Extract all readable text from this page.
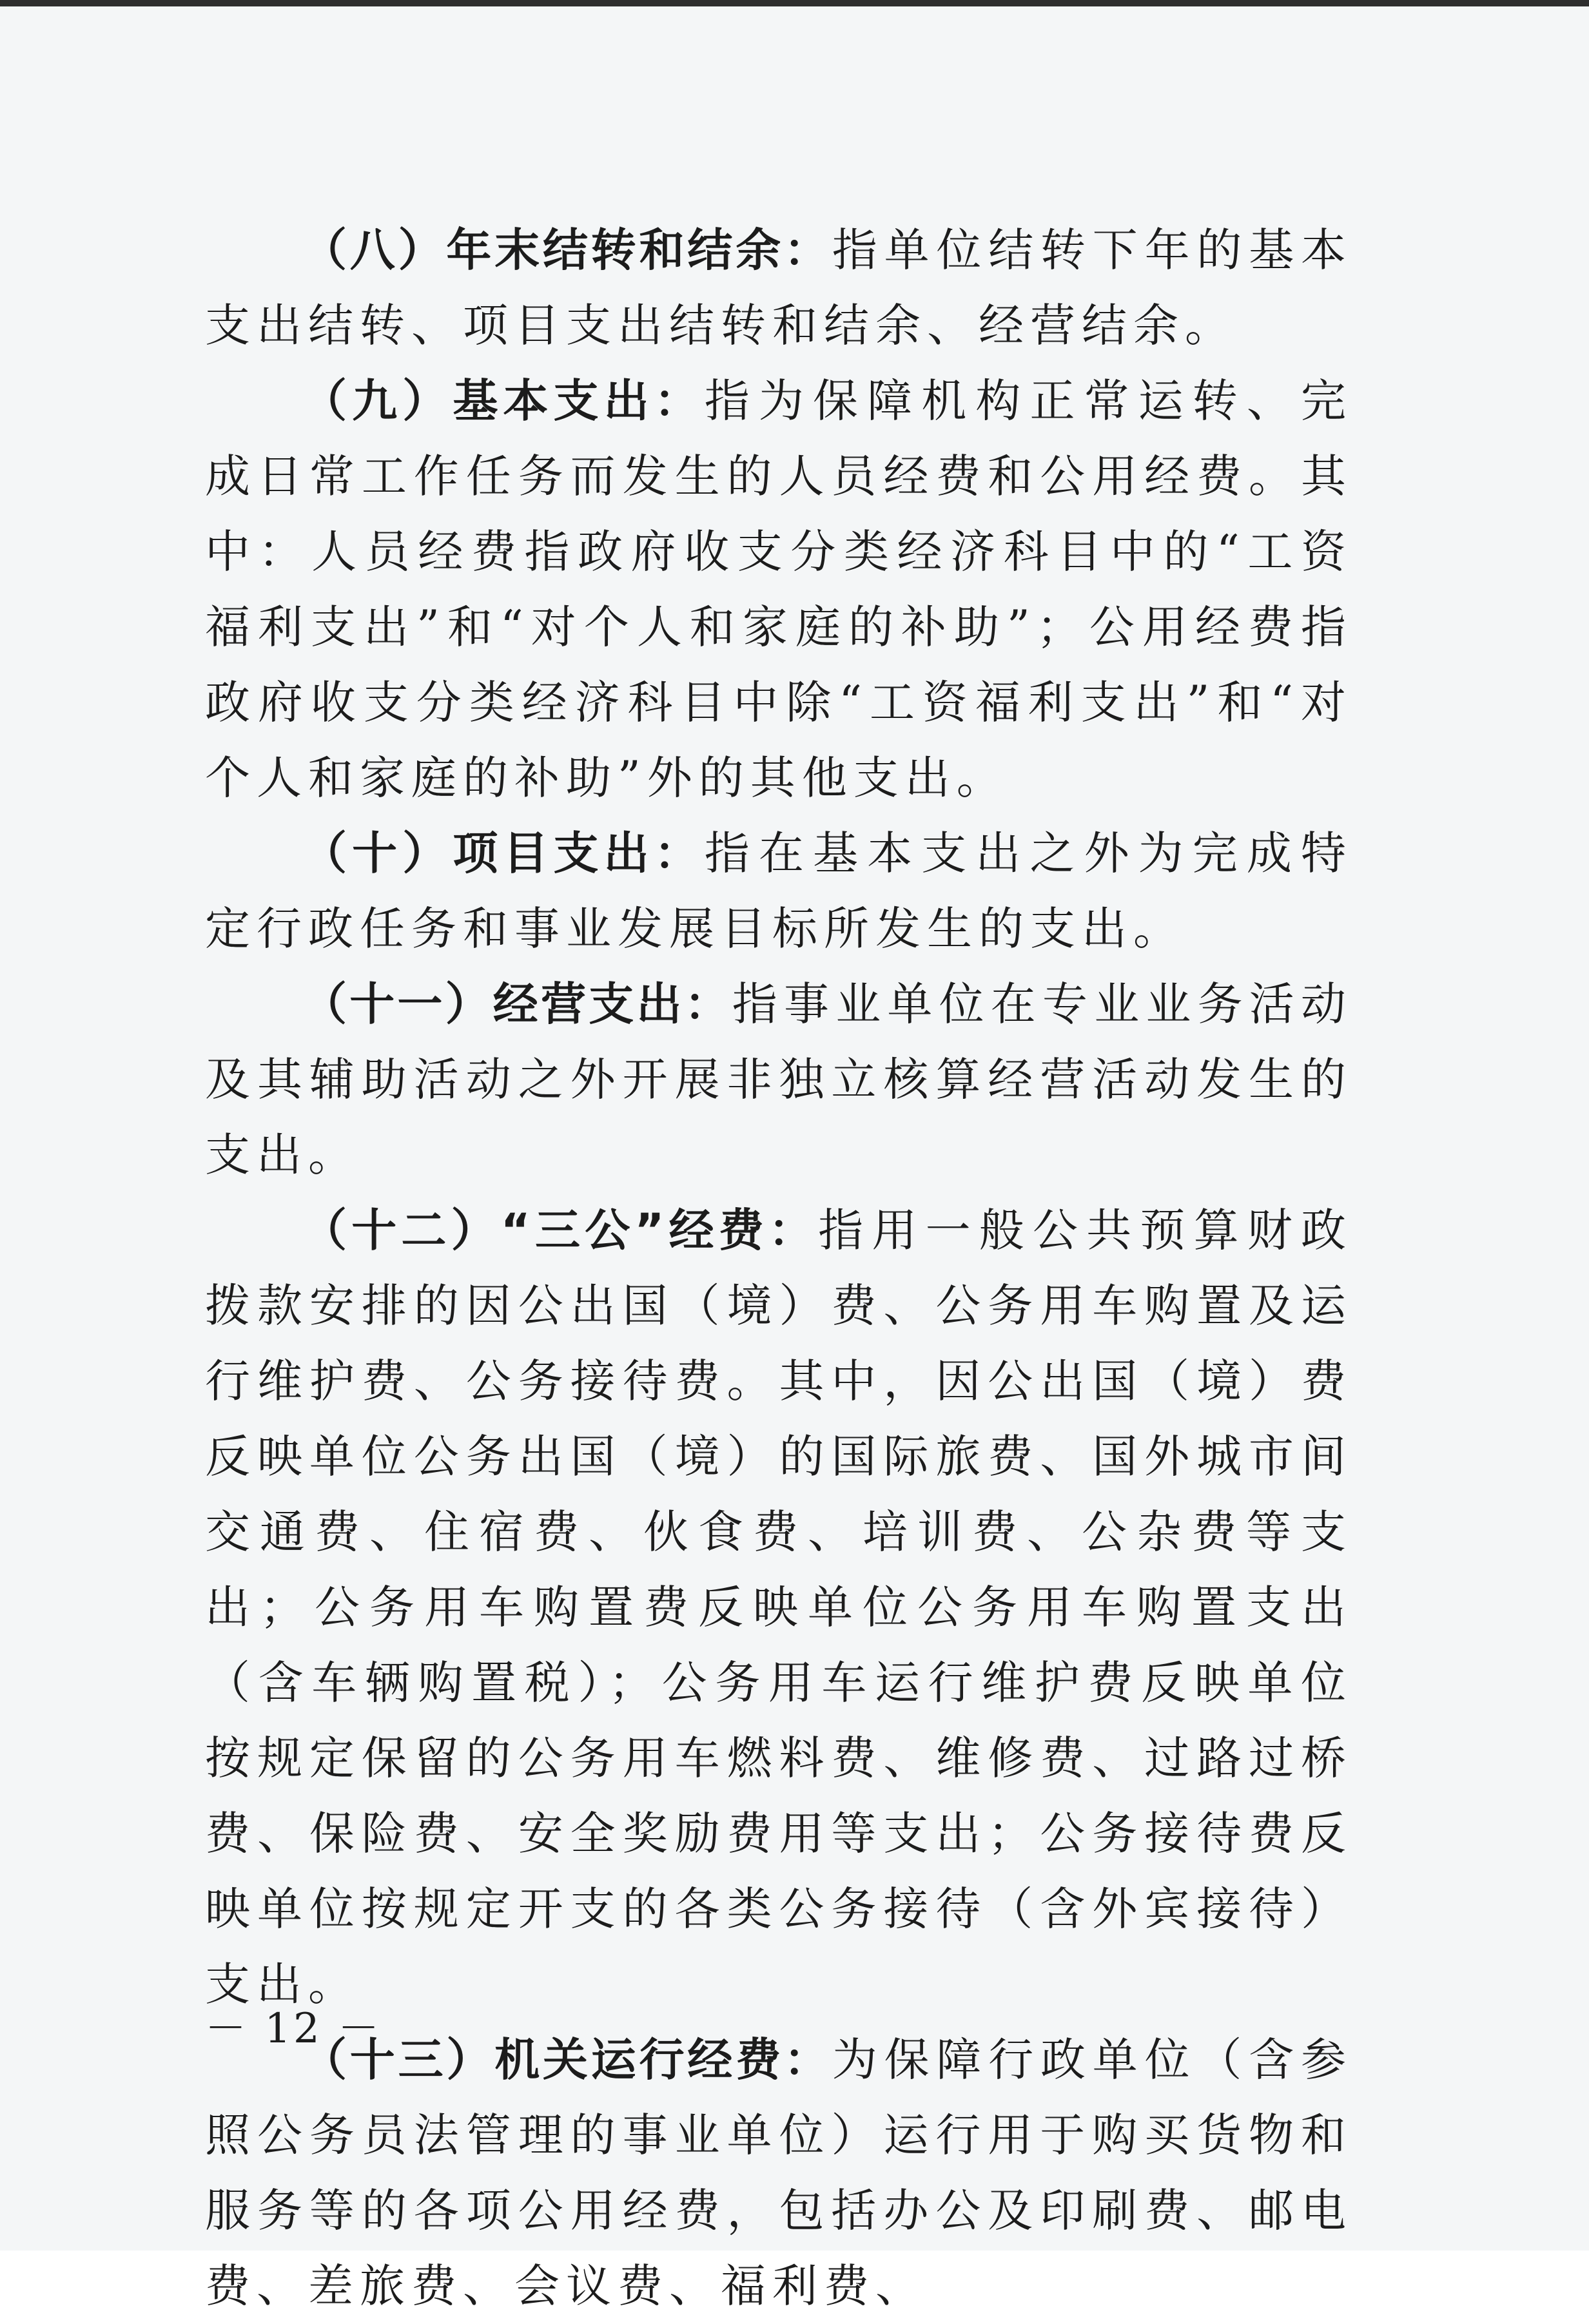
（八）年末结转和结余：指单位结转下年的基本支出结转、项目支出结转和结余、经营结余。

（九）基本支出：指为保障机构正常运转、完成日常工作任务而发生的人员经费和公用经费。其中：人员经费指政府收支分类经济科目中的“工资福利支出”和“对个人和家庭的补助”；公用经费指政府收支分类经济科目中除“工资福利支出”和“对个人和家庭的补助”外的其他支出。

（十）项目支出：指在基本支出之外为完成特定行政任务和事业发展目标所发生的支出。

（十一）经营支出：指事业单位在专业业务活动及其辅助活动之外开展非独立核算经营活动发生的支出。

（十二）“三公”经费：指用一般公共预算财政拨款安排的因公出国（境）费、公务用车购置及运行维护费、公务接待费。其中，因公出国（境）费反映单位公务出国（境）的国际旅费、国外城市间交通费、住宿费、伙食费、培训费、公杂费等支出；公务用车购置费反映单位公务用车购置支出（含车辆购置税）；公务用车运行维护费反映单位按规定保留的公务用车燃料费、维修费、过路过桥费、保险费、安全奖励费用等支出；公务接待费反映单位按规定开支的各类公务接待（含外宾接待）支出。

（十三）机关运行经费：为保障行政单位（含参照公务员法管理的事业单位）运行用于购买货物和服务等的各项公用经费，包括办公及印刷费、邮电费、差旅费、会议费、福利费、

－ 12 －
